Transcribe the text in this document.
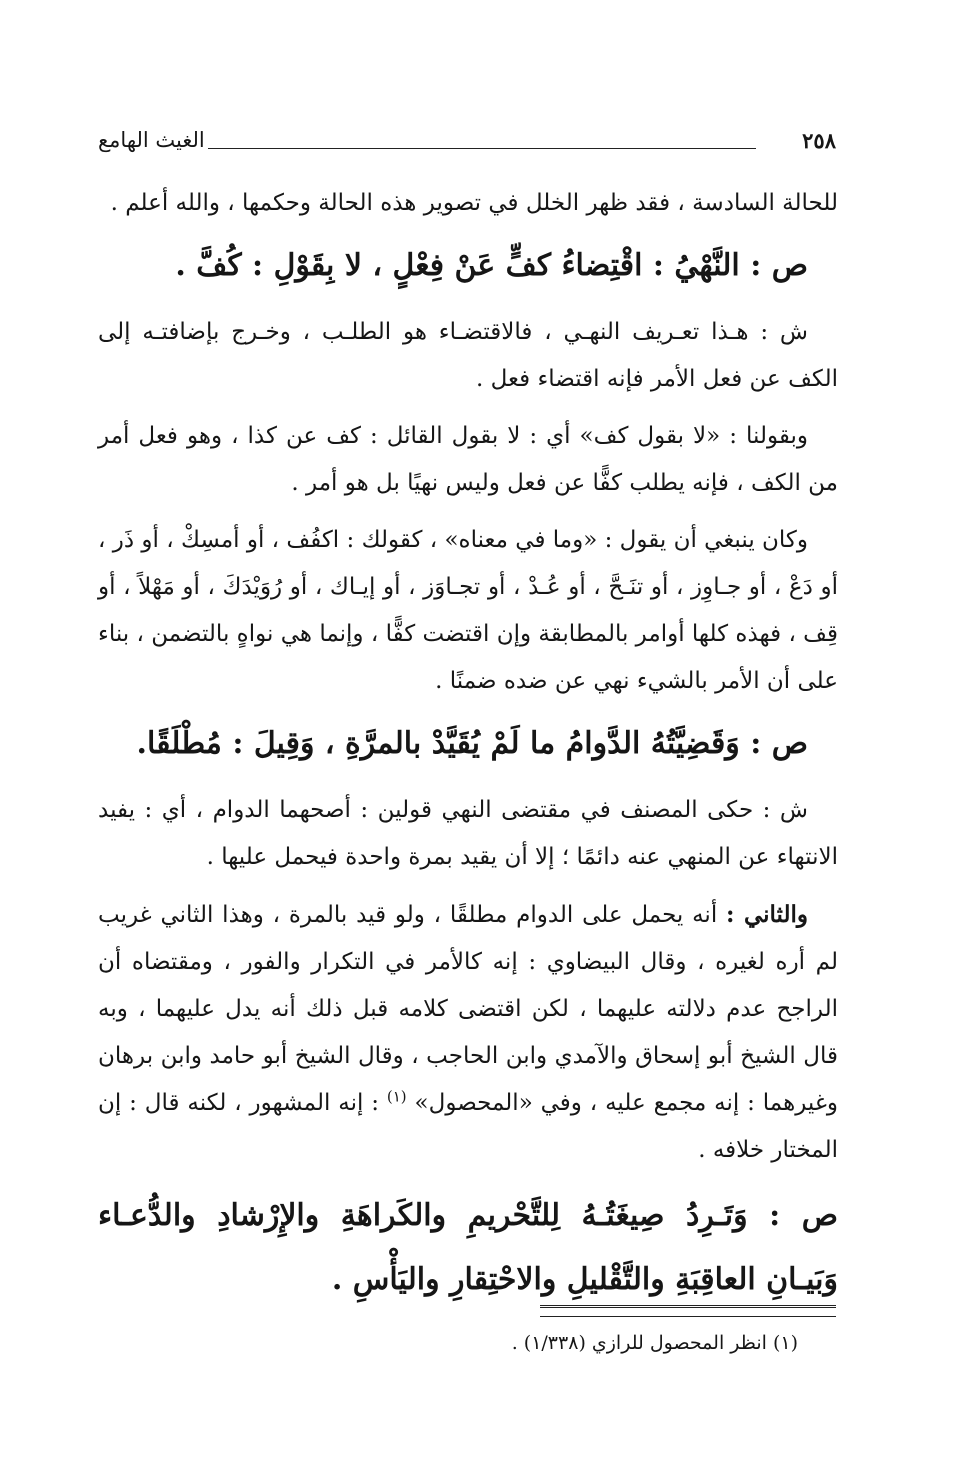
الغيث الهامع	٢٥٨

للحالة السادسة ، فقد ظهر الخلل في تصوير هذه الحالة وحكمها ، والله أعلم .

ص : النَّهْيُ : اقْتِضاءُ كفٍّ عَنْ فِعْلٍ ، لا بِقَوْلِ : كُفَّ .

ش : هـذا تعـريف النهـي ، فالاقتضـاء هو الطلـب ، وخـرج بإضافتـه إلى الكف عن فعل الأمر فإنه اقتضاء فعل .

وبقولنا : «لا بقول كف» أي : لا بقول القائل : كف عن كذا ، وهو فعل أمر من الكف ، فإنه يطلب كفًّا عن فعل وليس نهيًا بل هو أمر .

وكان ينبغي أن يقول : «وما في معناه» ، كقولك : اكفُف ، أو أمسِكْ ، أو ذَر ، أو دَعْ ، أو جـاوِز ، أو تنَـحَّ ، أو عُـدْ ، أو تجـاوَز ، أو إيـاك ، أو رُوَيْدَكَ ، أو مَهْلاً ، أو قِف ، فهذه كلها أوامر بالمطابقة وإن اقتضت كفًّا ، وإنما هي نواهٍ بالتضمن ، بناء على أن الأمر بالشيء نهي عن ضده ضمنًا .

ص : وَقَضِيَّتُهُ الدَّوامُ ما لَمْ يُقَيَّدْ بالمرَّةِ ، وَقِيلَ : مُطْلَقًا.

ش : حكى المصنف في مقتضى النهي قولين : أصحهما الدوام ، أي : يفيد الانتهاء عن المنهي عنه دائمًا ؛ إلا أن يقيد بمرة واحدة فيحمل عليها .

والثاني : أنه يحمل على الدوام مطلقًا ، ولو قيد بالمرة ، وهذا الثاني غريب لم أره لغيره ، وقال البيضاوي : إنه كالأمر في التكرار والفور ، ومقتضاه أن الراجح عدم دلالته عليهما ، لكن اقتضى كلامه قبل ذلك أنه يدل عليهما ، وبه قال الشيخ أبو إسحاق والآمدي وابن الحاجب ، وقال الشيخ أبو حامد وابن برهان وغيرهما : إنه مجمع عليه ، وفي «المحصول» $^{(١)}$ : إنه المشهور ، لكنه قال : إن المختار خلافه .

ص : وَتَـرِدُ صِيغَتُـهُ لِلتَّحْريمِ والكَراهَةِ والإِرْشادِ والدُّعـاء وَبَيـانِ العاقِبَةِ والتَّقْليلِ والاحْتِقارِ واليَأْسِ .

(١) انظر المحصول للرازي (١/٣٣٨) .
